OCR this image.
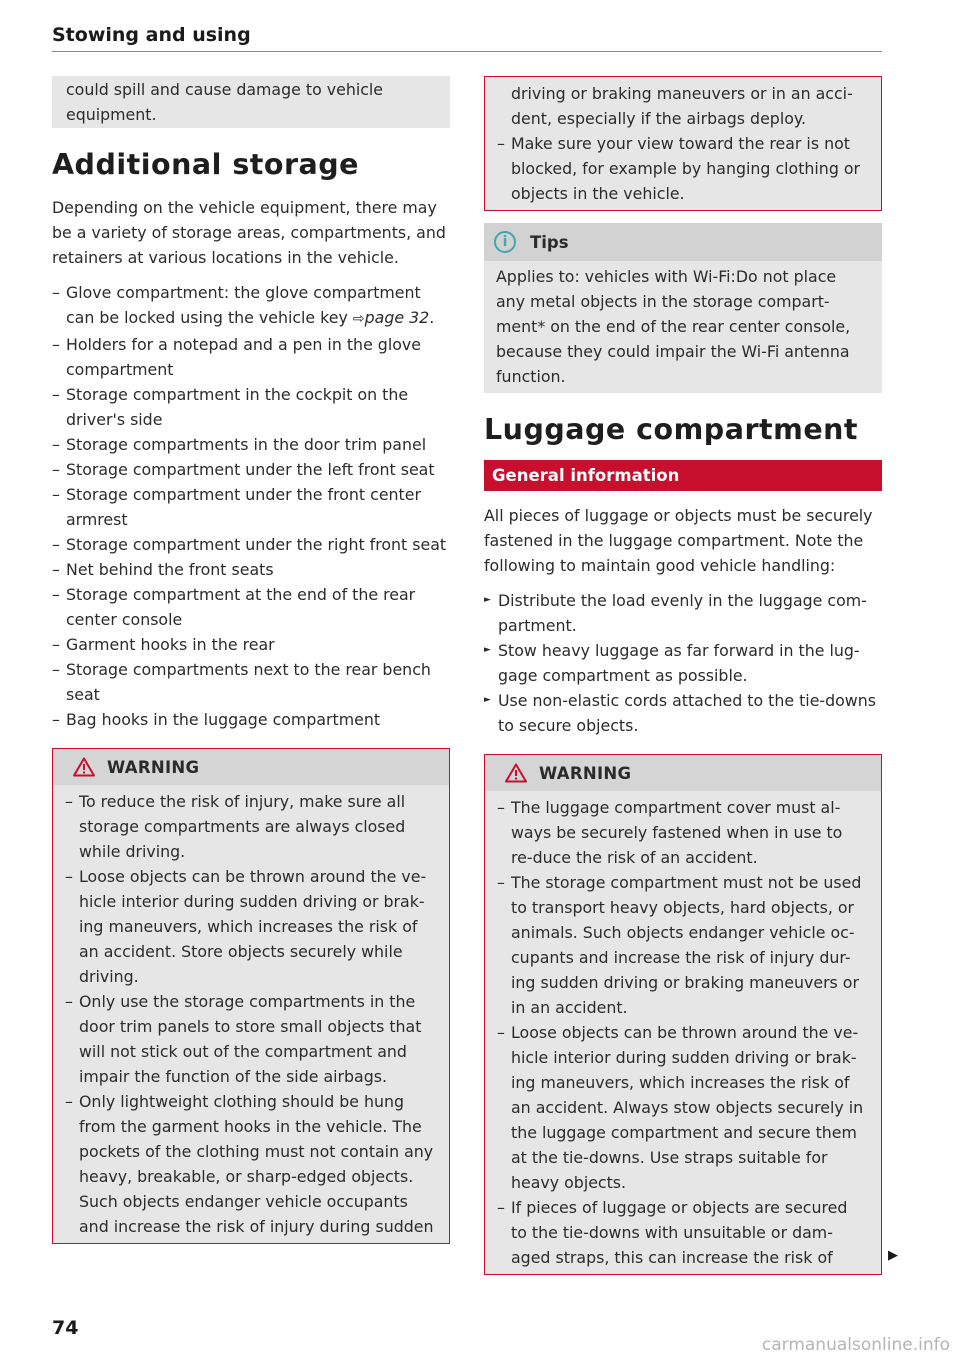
Stowing and using

could spill and cause damage to vehicle equipment.

Additional storage

Depending on the vehicle equipment, there may be a variety of storage areas, compartments, and retainers at various locations in the vehicle.

– Glove compartment: the glove compartment can be locked using the vehicle key ⇨page 32.
– Holders for a notepad and a pen in the glove compartment
– Storage compartment in the cockpit on the driver's side
– Storage compartments in the door trim panel
– Storage compartment under the left front seat
– Storage compartment under the front center armrest
– Storage compartment under the right front seat
– Net behind the front seats
– Storage compartment at the end of the rear center console
– Garment hooks in the rear
– Storage compartments next to the rear bench seat
– Bag hooks in the luggage compartment
WARNING
– To reduce the risk of injury, make sure all storage compartments are always closed while driving.
– Loose objects can be thrown around the ve-hicle interior during sudden driving or brak-ing maneuvers, which increases the risk of an accident. Store objects securely while driving.
– Only use the storage compartments in the door trim panels to store small objects that will not stick out of the compartment and impair the function of the side airbags.
– Only lightweight clothing should be hung from the garment hooks in the vehicle. The pockets of the clothing must not contain any heavy, breakable, or sharp-edged objects. Such objects endanger vehicle occupants and increase the risk of injury during sudden

driving or braking maneuvers or in an acci-dent, especially if the airbags deploy.

– Make sure your view toward the rear is not blocked, for example by hanging clothing or objects in the vehicle.
i	Tips

Applies to: vehicles with Wi-Fi:Do not place any metal objects in the storage compart-ment* on the end of the rear center console, because they could impair the Wi-Fi antenna function.

Luggage compartment
General information

All pieces of luggage or objects must be securely fastened in the luggage compartment. Note the following to maintain good vehicle handling:

► Distribute the load evenly in the luggage com-partment.
► Stow heavy luggage as far forward in the lug-gage compartment as possible.
► Use non-elastic cords attached to the tie-downs to secure objects.
WARNING
– The luggage compartment cover must al-ways be securely fastened when in use to re-duce the risk of an accident.
– The storage compartment must not be used to transport heavy objects, hard objects, or animals. Such objects endanger vehicle oc-cupants and increase the risk of injury dur-ing sudden driving or braking maneuvers or in an accident.
– Loose objects can be thrown around the ve-hicle interior during sudden driving or brak-ing maneuvers, which increases the risk of an accident. Always stow objects securely in the luggage compartment and secure them at the tie-downs. Use straps suitable for heavy objects.
– If pieces of luggage or objects are secured to the tie-downs with unsuitable or dam-aged straps, this can increase the risk of	▶
74
carmanualsonline.info
